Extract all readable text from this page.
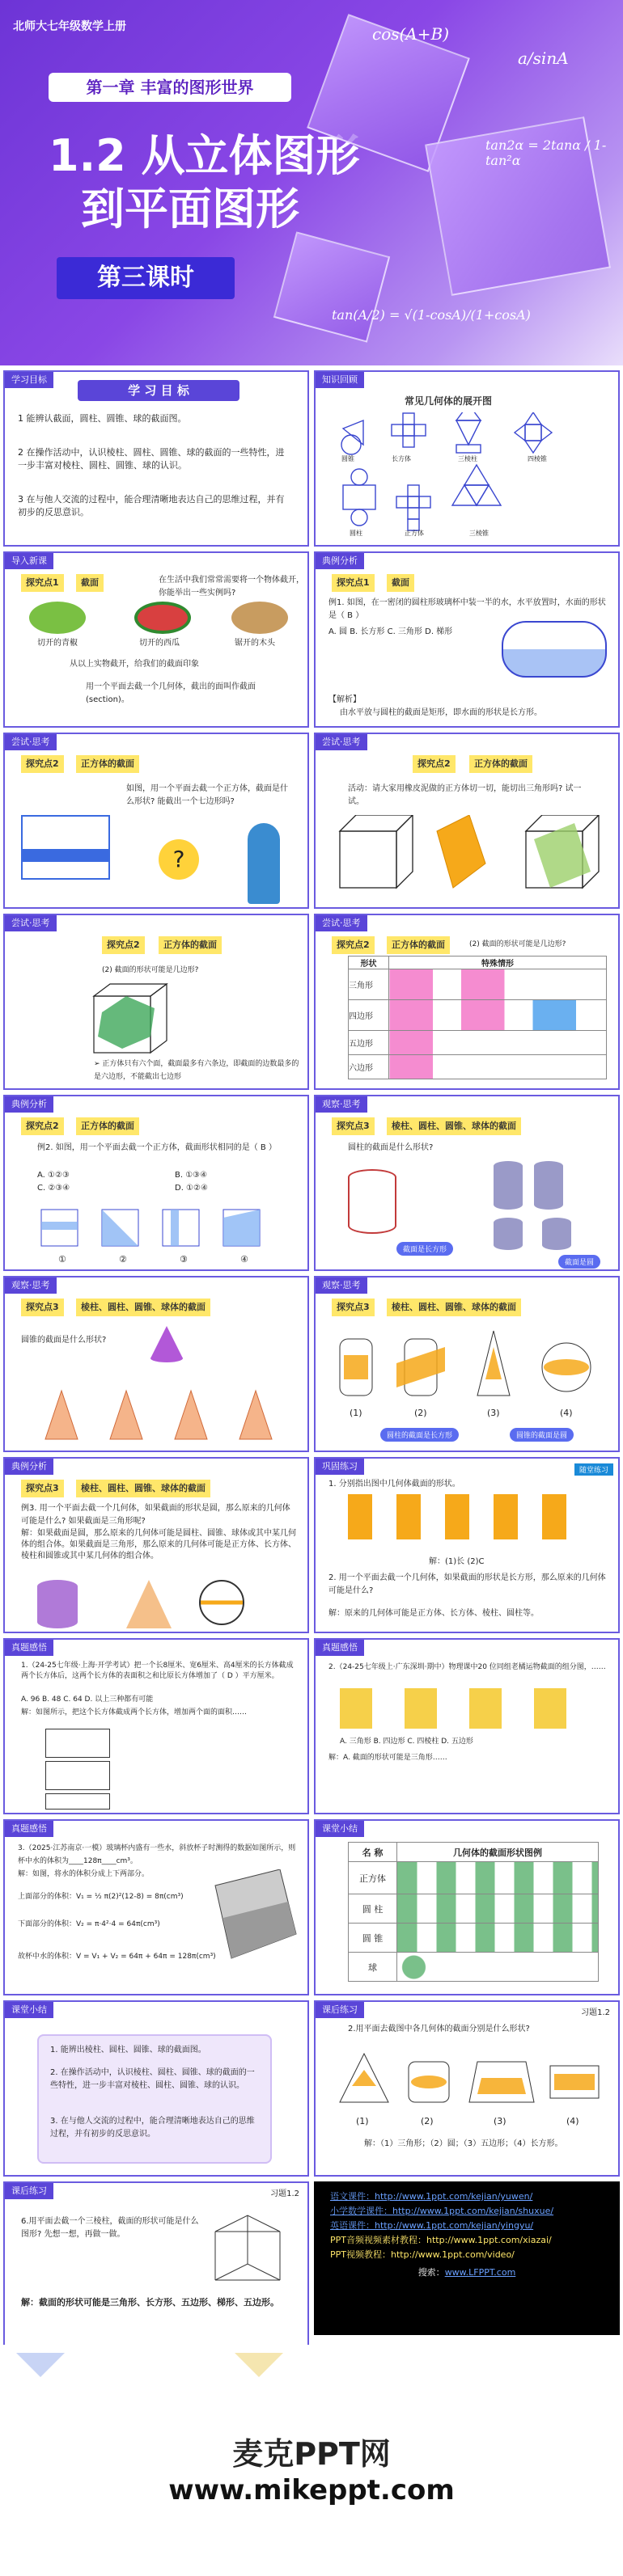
北师大七年级数学上册
第一章 丰富的图形世界
1.2 从立体图形
到平面图形
第三课时
cos(A+B)
tan2α = 2tanα / 1-tan²α
tan(A/2) = √(1-cosA)/(1+cosA)
a/sinA
学习目标
学 习 目 标
1 能辨认截面，圆柱、圆锥、球的截面图。
2 在操作活动中，认识棱柱、圆柱、圆锥、球的截面的一些特性，进一步丰富对棱柱、圆柱、圆锥、球的认识。
3 在与他人交流的过程中，能合理清晰地表达自己的思维过程，并有初步的反思意识。
知识回顾
常见几何体的展开图
圆锥	长方体	三棱柱	四棱锥
圆柱	正方体	三棱锥
导入新课
探究点1	截面	在生活中我们常常需要将一个物体截开，你能举出一些实例吗?
切开的青椒	切开的西瓜	锯开的木头
从以上实物截开，给我们的截面印象
用一个平面去截一个几何体，截出的面叫作截面(section)。
典例分析
探究点1	截面
例1. 如图，在一密闭的圆柱形玻璃杯中装一半的水，水平放置时，水面的形状是（ B ）
A. 圆 B. 长方形 C. 三角形 D. 梯形
【解析】
由水平放与圆柱的截面是矩形，即水面的形状是长方形。
尝试·思考
探究点2	正方体的截面
如图，用一个平面去截一个正方体，截面是什么形状? 能截出一个七边形吗?
?
尝试·思考
探究点2	正方体的截面
活动：请大家用橡皮泥做的正方体切一切，能切出三角形吗? 试一试。
尝试·思考
探究点2	正方体的截面
(2) 截面的形状可能是几边形?
➢ 正方体只有六个面，截面最多有六条边，即截面的边数最多的是六边形，不能截出七边形
尝试·思考
探究点2	正方体的截面	(2) 截面的形状可能是几边形?
形状	特殊情形
三角形	
四边形	
五边形	
六边形	
典例分析
探究点2	正方体的截面
例2. 如图，用一个平面去截一个正方体，截面形状相同的是（ B ）
A. ①②③	B. ①③④
C. ②③④	D. ①②④
①	②	③	④
观察·思考
探究点3	棱柱、圆柱、圆锥、球体的截面
圆柱的截面是什么形状?
截面是长方形
截面是圆
观察·思考
探究点3	棱柱、圆柱、圆锥、球体的截面
圆锥的截面是什么形状?
观察·思考
探究点3	棱柱、圆柱、圆锥、球体的截面
(1)	(2)	(3)	(4)
圆柱的截面是长方形	圆锥的截面是圆
典例分析
探究点3	棱柱、圆柱、圆锥、球体的截面
例3. 用一个平面去截一个几何体，如果截面的形状是圆，那么原来的几何体可能是什么? 如果截面是三角形呢?
解：如果截面是圆，那么原来的几何体可能是圆柱、圆锥、球体或其中某几何体的组合体。如果截面是三角形，那么原来的几何体可能是正方体、长方体、棱柱和圆锥或其中某几何体的组合体。
巩固练习	随堂练习
1. 分别指出图中几何体截面的形状。
解：(1)长 (2)C
2. 用一个平面去截一个几何体，如果截面的形状是长方形，那么原来的几何体可能是什么?
解：原来的几何体可能是正方体、长方体、棱柱、圆柱等。
真题感悟
1.（24-25七年级·上海·开学考试）把一个长8厘米、宽6厘米、高4厘米的长方体截成两个长方体后，这两个长方体的表面积之和比原长方体增加了（ D ）平方厘米。
A. 96 B. 48 C. 64 D. 以上三种都有可能
解：如图所示，把这个长方体截成两个长方体，增加两个面的面积……
真题感悟
2.（24-25七年级上·广东深圳·期中）物理课中20 位同组老橘运物截面的组分图，……
A. 三角形 B. 四边形 C. 四棱柱 D. 五边形
解：A. 截面的形状可能是三角形……
真题感悟
3.（2025·江苏南京·一模）玻璃杯内盛有一些水，斜放杯子时测得的数据如图所示，则杯中水的体积为____128π____cm³。
解：如图，将水的体积分成上下两部分。
上面部分的体积：V₁ = ½ π(2)²(12-8) = 8π(cm³)
下面部分的体积：V₂ = π·4²·4 = 64π(cm³)
故杯中水的体积：V = V₁ + V₂ = 64π + 64π = 128π(cm³)
课堂小结
名 称	几何体的截面形状图例
正方体	
圆 柱	
圆 锥	
球	
课堂小结
1. 能辨出棱柱、圆柱、圆锥、球的截面图。
2. 在操作活动中，认识棱柱、圆柱、圆锥、球的截面的一些特性，进一步丰富对棱柱、圆柱、圆锥、球的认识。
3. 在与他人交流的过程中，能合理清晰地表达自己的思维过程，并有初步的反思意识。
课后练习	习题1.2
2.用平面去截图中各几何体的截面分别是什么形状?
(1)	(2)	(3)	(4)
解：（1）三角形；（2）圆；（3）五边形；（4）长方形。
课后练习	习题1.2
6.用平面去截一个三棱柱，截面的形状可能是什么图形? 先想一想，再做一做。
解：截面的形状可能是三角形、长方形、五边形、梯形、五边形。
语文课件：http://www.1ppt.com/kejian/yuwen/
小学数学课件：http://www.1ppt.com/kejian/shuxue/
英语课件：http://www.1ppt.com/kejian/yingyu/
PPT音频视频素材教程：http://www.1ppt.com/xiazai/
PPT视频教程：http://www.1ppt.com/video/
搜索：www.LFPPT.com
麦克PPT网
www.mikeppt.com
